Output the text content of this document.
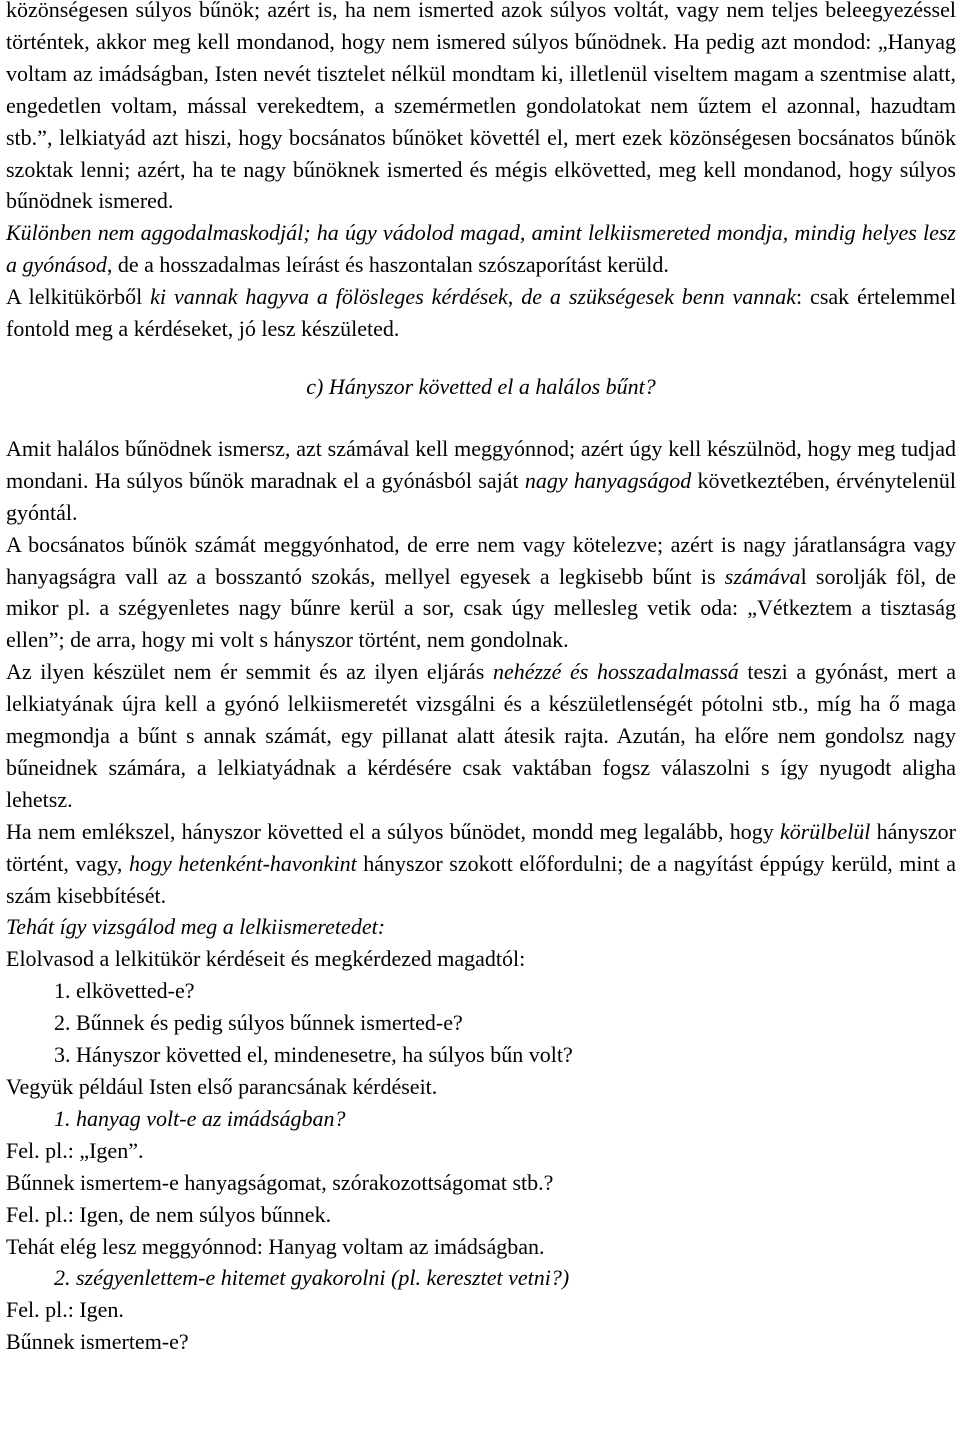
közönségesen súlyos bűnök; azért is, ha nem ismerted azok súlyos voltát, vagy nem teljes beleegyezéssel történtek, akkor meg kell mondanod, hogy nem ismered súlyos bűnödnek. Ha pedig azt mondod: „Hanyag voltam az imádságban, Isten nevét tisztelet nélkül mondtam ki, illetlenül viseltem magam a szentmise alatt, engedetlen voltam, mással verekedtem, a szemérmetlen gondolatokat nem űztem el azonnal, hazudtam stb.”, lelkiatyád azt hiszi, hogy bocsánatos bűnöket követtél el, mert ezek közönségesen bocsánatos bűnök szoktak lenni; azért, ha te nagy bűnöknek ismerted és mégis elkövetted, meg kell mondanod, hogy súlyos bűnödnek ismered.

Különben nem aggodalmaskodjál; ha úgy vádolod magad, amint lelkiismereted mondja, mindig helyes lesz a gyónásod, de a hosszadalmas leírást és haszontalan szószaporítást kerüld.

A lelkitükörből ki vannak hagyva a fölösleges kérdések, de a szükségesek benn vannak: csak értelemmel fontold meg a kérdéseket, jó lesz készületed.

c) Hányszor követted el a halálos bűnt?

Amit halálos bűnödnek ismersz, azt számával kell meggyónnod; azért úgy kell készülnöd, hogy meg tudjad mondani. Ha súlyos bűnök maradnak el a gyónásból saját nagy hanyagságod következtében, érvénytelenül gyóntál.

A bocsánatos bűnök számát meggyónhatod, de erre nem vagy kötelezve; azért is nagy járatlanságra vagy hanyagságra vall az a bosszantó szokás, mellyel egyesek a legkisebb bűnt is számával sorolják föl, de mikor pl. a szégyenletes nagy bűnre kerül a sor, csak úgy mellesleg vetik oda: „Vétkeztem a tisztaság ellen”; de arra, hogy mi volt s hányszor történt, nem gondolnak.

Az ilyen készület nem ér semmit és az ilyen eljárás nehézzé és hosszadalmassá teszi a gyónást, mert a lelkiatyának újra kell a gyónó lelkiismeretét vizsgálni és a készületlenségét pótolni stb., míg ha ő maga megmondja a bűnt s annak számát, egy pillanat alatt átesik rajta. Azután, ha előre nem gondolsz nagy bűneidnek számára, a lelkiatyádnak a kérdésére csak vaktában fogsz válaszolni s így nyugodt aligha lehetsz.

Ha nem emlékszel, hányszor követted el a súlyos bűnödet, mondd meg legalább, hogy körülbelül hányszor történt, vagy, hogy hetenként-havonkint hányszor szokott előfordulni; de a nagyítást éppúgy kerüld, mint a szám kisebbítését.

Tehát így vizsgálod meg a lelkiismeretedet:

Elolvasod a lelkitükör kérdéseit és megkérdezed magadtól:

1. elkövetted-e?

2. Bűnnek és pedig súlyos bűnnek ismerted-e?

3. Hányszor követted el, mindenesetre, ha súlyos bűn volt?

Vegyük például Isten első parancsának kérdéseit.

1. hanyag volt-e az imádságban?

Fel. pl.: „Igen”.

Bűnnek ismertem-e hanyagságomat, szórakozottságomat stb.?

Fel. pl.: Igen, de nem súlyos bűnnek.

Tehát elég lesz meggyónnod: Hanyag voltam az imádságban.

2. szégyenlettem-e hitemet gyakorolni (pl. keresztet vetni?)

Fel. pl.: Igen.

Bűnnek ismertem-e?
